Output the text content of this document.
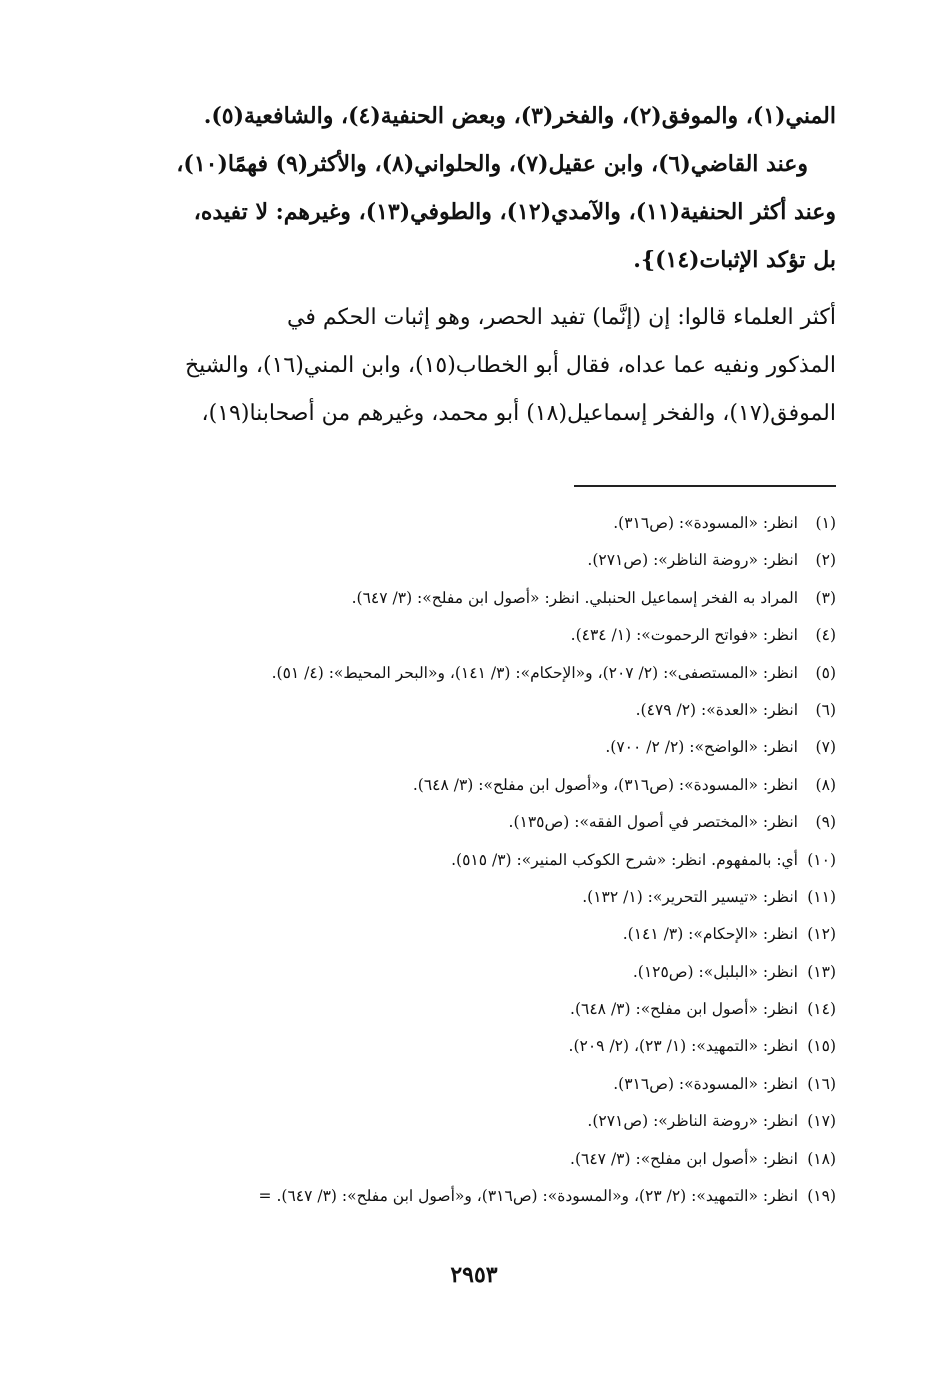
المني(١)، والموفق(٢)، والفخر(٣)، وبعض الحنفية(٤)، والشافعية(٥).
وعند القاضي(٦)، وابن عقيل(٧)، والحلواني(٨)، والأكثر(٩) فهمًا(١٠)،
وعند أكثر الحنفية(١١)، والآمدي(١٢)، والطوفي(١٣)، وغيرهم: لا تفيده،
بل تؤكد الإثبات(١٤)}.
أكثر العلماء قالوا: إن (إنَّما) تفيد الحصر، وهو إثبات الحكم في
المذكور ونفيه عما عداه، فقال أبو الخطاب(١٥)، وابن المني(١٦)، والشيخ
الموفق(١٧)، والفخر إسماعيل(١٨) أبو محمد، وغيرهم من أصحابنا(١٩)،
(١)انظر: «المسودة»: (ص٣١٦).
(٢)انظر: «روضة الناظر»: (ص٢٧١).
(٣)المراد به الفخر إسماعيل الحنبلي. انظر: «أصول ابن مفلح»: (٣/ ٦٤٧).
(٤)انظر: «فواتح الرحموت»: (١/ ٤٣٤).
(٥)انظر: «المستصفى»: (٢/ ٢٠٧)، و«الإحكام»: (٣/ ١٤١)، و«البحر المحيط»: (٤/ ٥١).
(٦)انظر: «العدة»: (٢/ ٤٧٩).
(٧)انظر: «الواضح»: (٢/ ٢/ ٧٠٠).
(٨)انظر: «المسودة»: (ص٣١٦)، و«أصول ابن مفلح»: (٣/ ٦٤٨).
(٩)انظر: «المختصر في أصول الفقه»: (ص١٣٥).
(١٠)أي: بالمفهوم. انظر: «شرح الكوكب المنير»: (٣/ ٥١٥).
(١١)انظر: «تيسير التحرير»: (١/ ١٣٢).
(١٢)انظر: «الإحكام»: (٣/ ١٤١).
(١٣)انظر: «البلبل»: (ص١٢٥).
(١٤)انظر: «أصول ابن مفلح»: (٣/ ٦٤٨).
(١٥)انظر: «التمهيد»: (١/ ٢٣)، (٢/ ٢٠٩).
(١٦)انظر: «المسودة»: (ص٣١٦).
(١٧)انظر: «روضة الناظر»: (ص٢٧١).
(١٨)انظر: «أصول ابن مفلح»: (٣/ ٦٤٧).
(١٩)انظر: «التمهيد»: (٢/ ٢٣)، و«المسودة»: (ص٣١٦)، و«أصول ابن مفلح»: (٣/ ٦٤٧). =
٢٩٥٣
